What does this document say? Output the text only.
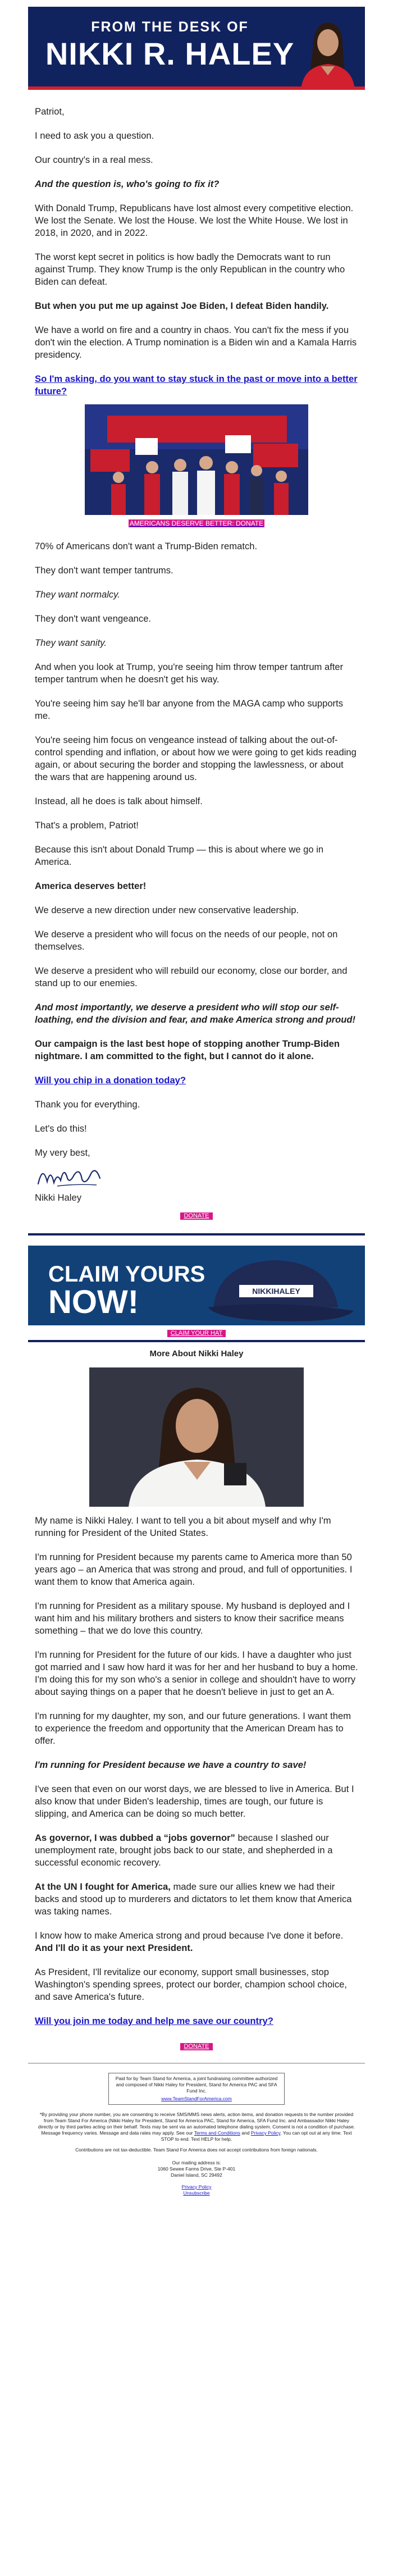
FROM THE DESK OF
NIKKI R. HALEY

Patriot,

I need to ask you a question.

Our country's in a real mess.

And the question is, who's going to fix it?

With Donald Trump, Republicans have lost almost every competitive election. We lost the Senate. We lost the House. We lost the White House. We lost in 2018, in 2020, and in 2022.

The worst kept secret in politics is how badly the Democrats want to run against Trump. They know Trump is the only Republican in the country who Biden can defeat.

But when you put me up against Joe Biden, I defeat Biden handily.

We have a world on fire and a country in chaos. You can't fix the mess if you don't win the election. A Trump nomination is a Biden win and a Kamala Harris presidency.

So I'm asking, do you want to stay stuck in the past or move into a better future?

AMERICANS DESERVE BETTER: DONATE

70% of Americans don't want a Trump-Biden rematch.

They don't want temper tantrums.

They want normalcy.

They don't want vengeance.

They want sanity.

And when you look at Trump, you're seeing him throw temper tantrum after temper tantrum when he doesn't get his way.

You're seeing him say he'll bar anyone from the MAGA camp who supports me.

You're seeing him focus on vengeance instead of talking about the out-of-control spending and inflation, or about how we were going to get kids reading again, or about securing the border and stopping the lawlessness, or about the wars that are happening around us.

Instead, all he does is talk about himself.

That's a problem, Patriot!

Because this isn't about Donald Trump — this is about where we go in America.

America deserves better!

We deserve a new direction under new conservative leadership.

We deserve a president who will focus on the needs of our people, not on themselves.

We deserve a president who will rebuild our economy, close our border, and stand up to our enemies.

And most importantly, we deserve a president who will stop our self-loathing, end the division and fear, and make America strong and proud!

Our campaign is the last best hope of stopping another Trump-Biden nightmare. I am committed to the fight, but I cannot do it alone.

Will you chip in a donation today?

Thank you for everything.

Let's do this!

My very best,

Nikki Haley

DONATE
CLAIM YOURS
NOW!	NIKKIHALEY
CLAIM YOUR HAT
More About Nikki Haley

My name is Nikki Haley. I want to tell you a bit about myself and why I'm running for President of the United States.

I'm running for President because my parents came to America more than 50 years ago – an America that was strong and proud, and full of opportunities. I want them to know that America again.

I'm running for President as a military spouse. My husband is deployed and I want him and his military brothers and sisters to know their sacrifice means something – that we do love this country.

I'm running for President for the future of our kids. I have a daughter who just got married and I saw how hard it was for her and her husband to buy a home. I'm doing this for my son who's a senior in college and shouldn't have to worry about saying things on a paper that he doesn't believe in just to get an A.

I'm running for my daughter, my son, and our future generations. I want them to experience the freedom and opportunity that the American Dream has to offer.

I'm running for President because we have a country to save!

I've seen that even on our worst days, we are blessed to live in America. But I also know that under Biden's leadership, times are tough, our future is slipping, and America can be doing so much better.

As governor, I was dubbed a “jobs governor” because I slashed our unemployment rate, brought jobs back to our state, and shepherded in a successful economic recovery.

At the UN I fought for America, made sure our allies knew we had their backs and stood up to murderers and dictators to let them know that America was taking names.

I know how to make America strong and proud because I've done it before. And I'll do it as your next President.

As President, I'll revitalize our economy, support small businesses, stop Washington's spending sprees, protect our border, champion school choice, and save America's future.

Will you join me today and help me save our country?

DONATE
Paid for by Team Stand for America, a joint fundraising committee authorized and composed of Nikki Haley for President, Stand for America PAC and SFA Fund Inc.
www.TeamStandForAmerica.com
*By providing your phone number, you are consenting to receive SMS/MMS news alerts, action items, and donation requests to the number provided from Team Stand For America (Nikki Haley for President, Stand for America PAC, Stand for America, SFA Fund Inc. and Ambassador Nikki Haley directly or by third parties acting on their behalf. Texts may be sent via an automated telephone dialing system. Consent is not a condition of purchase. Message frequency varies. Message and data rates may apply. See our Terms and Conditions and Privacy Policy. You can opt out at any time. Text STOP to end. Text HELP for help.
Contributions are not tax-deductible. Team Stand For America does not accept contributions from foreign nationals.
Our mailing address is:
1060 Sewee Farms Drive, Ste P-401
Daniel Island, SC 29492
Privacy Policy
Unsubscribe
